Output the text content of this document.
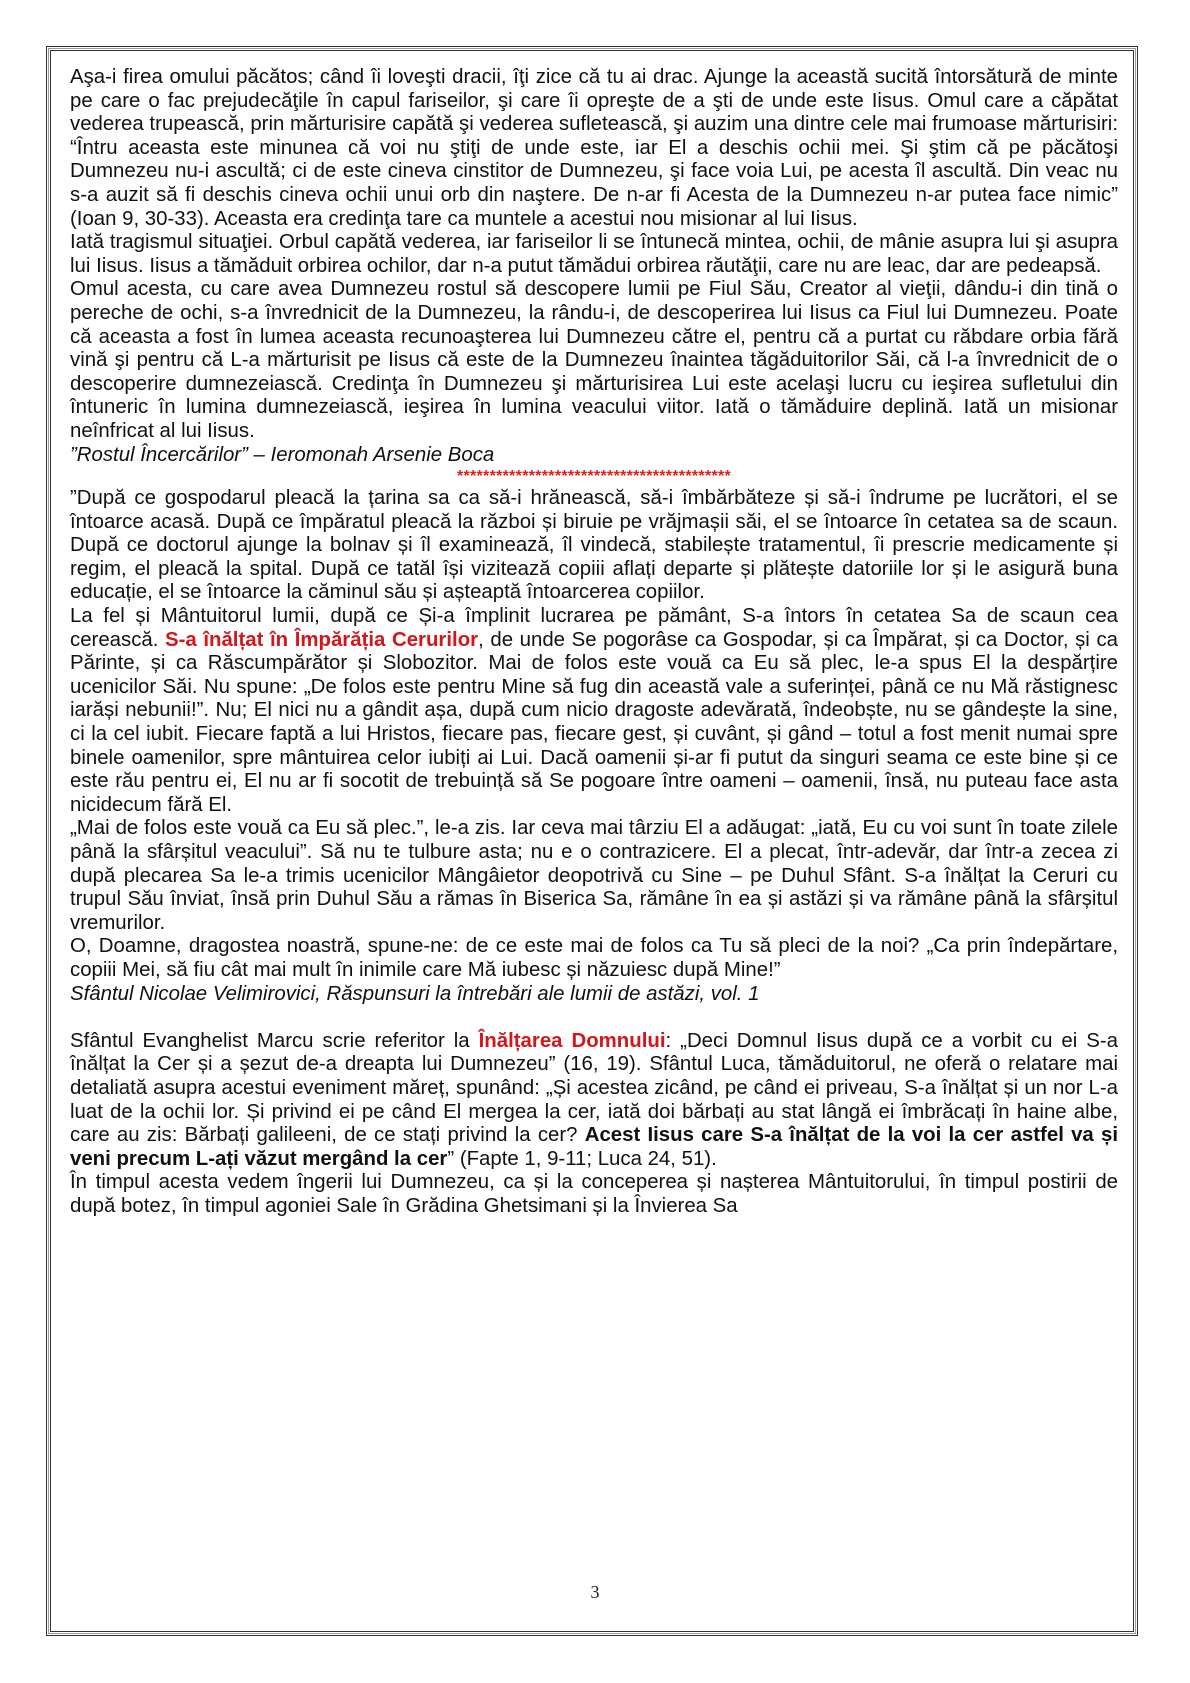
Aşa-i firea omului păcătos; când îi loveşti dracii, îţi zice că tu ai drac. Ajunge la această sucită întorsătură de minte pe care o fac prejudecăţile în capul fariseilor, şi care îi opreşte de a şti de unde este Iisus. Omul care a căpătat vederea trupească, prin mărturisire capătă şi vederea sufletească, şi auzim una dintre cele mai frumoase mărturisiri: “Întru aceasta este minunea că voi nu ştiţi de unde este, iar El a deschis ochii mei. Şi ştim că pe păcătoşi Dumnezeu nu-i ascultă; ci de este cineva cinstitor de Dumnezeu, şi face voia Lui, pe acesta îl ascultă. Din veac nu s-a auzit să fi deschis cineva ochii unui orb din naştere. De n-ar fi Acesta de la Dumnezeu n-ar putea face nimic” (Ioan 9, 30-33). Aceasta era credinţa tare ca muntele a acestui nou misionar al lui Iisus.

Iată tragismul situaţiei. Orbul capătă vederea, iar fariseilor li se întunecă mintea, ochii, de mânie asupra lui şi asupra lui Iisus. Iisus a tămăduit orbirea ochilor, dar n-a putut tămădui orbirea răutăţii, care nu are leac, dar are pedeapsă.

Omul acesta, cu care avea Dumnezeu rostul să descopere lumii pe Fiul Său, Creator al vieţii, dându-i din tină o pereche de ochi, s-a învrednicit de la Dumnezeu, la rându-i, de descoperirea lui Iisus ca Fiul lui Dumnezeu. Poate că aceasta a fost în lumea aceasta recunoaşterea lui Dumnezeu către el, pentru că a purtat cu răbdare orbia fără vină şi pentru că L-a mărturisit pe Iisus că este de la Dumnezeu înaintea tăgăduitorilor Săi, că l-a învrednicit de o descoperire dumnezeiască. Credinţa în Dumnezeu şi mărturisirea Lui este acelaşi lucru cu ieşirea sufletului din întuneric în lumina dumnezeiască, ieşirea în lumina veacului viitor. Iată o tămăduire deplină. Iată un misionar neînfricat al lui Iisus.

”Rostul Încercărilor” – Ieromonah Arsenie Boca

******************************************

”După ce gospodarul pleacă la țarina sa ca să-i hrănească, să-i îmbărbăteze și să-i îndrume pe lucrători, el se întoarce acasă. După ce împăratul pleacă la război și biruie pe vrăjmașii săi, el se întoarce în cetatea sa de scaun. După ce doctorul ajunge la bolnav și îl examinează, îl vindecă, stabilește tratamentul, îi prescrie medicamente și regim, el pleacă la spital. După ce tatăl își vizitează copiii aflați departe și plătește datoriile lor și le asigură buna educație, el se întoarce la căminul său și așteaptă întoarcerea copiilor.

La fel și Mântuitorul lumii, după ce Și-a împlinit lucrarea pe pământ, S-a întors în cetatea Sa de scaun cea cerească. S-a înălțat în Împărăția Cerurilor, de unde Se pogorâse ca Gospodar, și ca Împărat, și ca Doctor, și ca Părinte, și ca Răscumpărător și Slobozitor. Mai de folos este vouă ca Eu să plec, le-a spus El la despărțire ucenicilor Săi. Nu spune: „De folos este pentru Mine să fug din această vale a suferinței, până ce nu Mă răstignesc iarăși nebunii!”. Nu; El nici nu a gândit așa, după cum nicio dragoste adevărată, îndeobște, nu se gândește la sine, ci la cel iubit. Fiecare faptă a lui Hristos, fiecare pas, fiecare gest, și cuvânt, și gând – totul a fost menit numai spre binele oamenilor, spre mântuirea celor iubiți ai Lui. Dacă oamenii și-ar fi putut da singuri seama ce este bine și ce este rău pentru ei, El nu ar fi socotit de trebuință să Se pogoare între oameni – oamenii, însă, nu puteau face asta nicidecum fără El.

„Mai de folos este vouă ca Eu să plec.”, le-a zis. Iar ceva mai târziu El a adăugat: „iată, Eu cu voi sunt în toate zilele până la sfârșitul veacului”. Să nu te tulbure asta; nu e o contrazicere. El a plecat, într-adevăr, dar într-a zecea zi după plecarea Sa le-a trimis ucenicilor Mângâietor deopotrivă cu Sine – pe Duhul Sfânt. S-a înălțat la Ceruri cu trupul Său înviat, însă prin Duhul Său a rămas în Biserica Sa, rămâne în ea și astăzi și va rămâne până la sfârșitul vremurilor.

O, Doamne, dragostea noastră, spune-ne: de ce este mai de folos ca Tu să pleci de la noi? „Ca prin îndepărtare, copiii Mei, să fiu cât mai mult în inimile care Mă iubesc și năzuiesc după Mine!”

Sfântul Nicolae Velimirovici, Răspunsuri la întrebări ale lumii de astăzi, vol. 1

Sfântul Evanghelist Marcu scrie referitor la Înălțarea Domnului: „Deci Domnul Iisus după ce a vorbit cu ei S-a înălțat la Cer și a șezut de-a dreapta lui Dumnezeu” (16, 19). Sfântul Luca, tămăduitorul, ne oferă o relatare mai detaliată asupra acestui eveniment măreț, spunând: „Și acestea zicând, pe când ei priveau, S-a înălțat și un nor L-a luat de la ochii lor. Și privind ei pe când El mergea la cer, iată doi bărbați au stat lângă ei îmbrăcați în haine albe, care au zis: Bărbați galileeni, de ce stați privind la cer? Acest Iisus care S-a înălțat de la voi la cer astfel va și veni precum L-ați văzut mergând la cer” (Fapte 1, 9-11; Luca 24, 51).

În timpul acesta vedem îngerii lui Dumnezeu, ca și la conceperea și nașterea Mântuitorului, în timpul postirii de după botez, în timpul agoniei Sale în Grădina Ghetsimani și la Învierea Sa

3
